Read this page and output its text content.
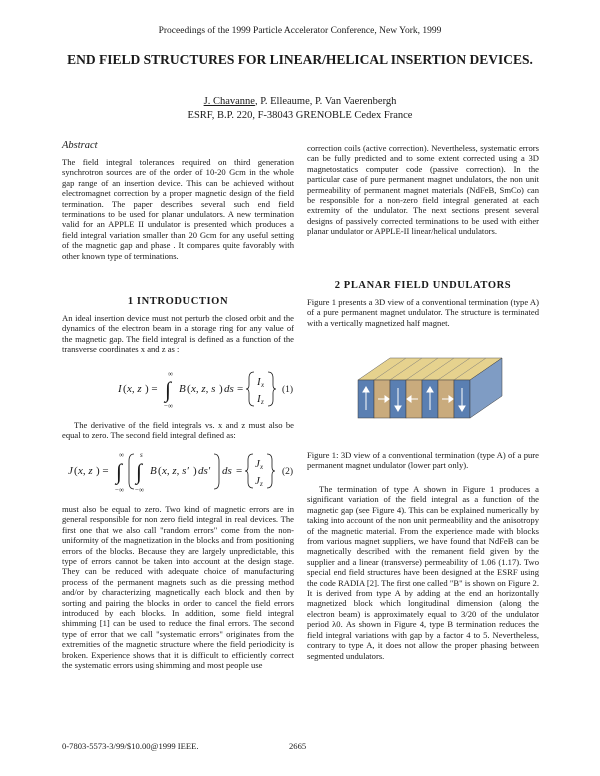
Proceedings of the 1999 Particle Accelerator Conference, New York, 1999
END FIELD STRUCTURES FOR LINEAR/HELICAL INSERTION DEVICES.
J. Chavanne, P. Elleaume, P. Van Vaerenbergh
ESRF, B.P. 220, F-38043 GRENOBLE Cedex France
Abstract

The field integral tolerances required on third generation synchrotron sources are of the order of 10-20 Gcm in the whole gap range of an insertion device. This can be achieved without electromagnet correction by a proper magnetic design of the field termination. The paper describes several such end field terminations to be used for planar undulators. A new termination valid for an APPLE II undulator is presented which produces a field integral variation smaller than 20 Gcm for any useful setting of the magnetic gap and phase . It compares quite favorably with other known type of terminations.

1 INTRODUCTION

An ideal insertion device must not perturb the closed orbit and the dynamics of the electron beam in a storage ring for any value of the magnetic gap. The field integral is defined as a function of the transverse coordinates x and z as :

I ( x, z ) = ∫
∞
−∞
B ( x, z, s ) ds =
I x
I z
(1)

The derivative of the field integrals vs. x and z must also be equal to zero. The second field integral defined as:

J ( x, z ) = ∫
∞
−∞
∫
s
−∞
B ( x, z, s′ ) ds′ ds =
J x
J z
(2)

must also be equal to zero. Two kind of magnetic errors are in general responsible for non zero field integral in real devices. The first one that we also call "random errors" come from the non-uniformity of the magnetization in the blocks and from positioning errors of the blocks. Because they are largely unpredictable, this type of errors cannot be taken into account at the design stage. They can be reduced with adequate choice of manufacturing process of the permanent magnets such as die pressing method and/or by characterizing magnetically each block and then by sorting and pairing the blocks in order to cancel the field errors introduced by each blocks. In addition, some field integral shimming [1] can be used to reduce the final errors. The second type of error that we call "systematic errors" originates from the extremities of the magnetic structure where the field periodicity is broken. Experience shows that it is difficult to efficiently correct the systematic errors using shimming and most people use

correction coils (active correction). Nevertheless, systematic errors can be fully predicted and to some extent corrected using a 3D magnetostatics computer code (passive correction). In the particular case of pure permanent magnet undulators, the non unit permeability of permanent magnet materials (NdFeB, SmCo) can be responsible for a non-zero field integral generated at each extremity of the undulator. The next sections present several designs of passively corrected terminations to be used with either planar undulator or APPLE-II linear/helical undulators.

2 PLANAR FIELD UNDULATORS

Figure 1 presents a 3D view of a conventional termination (type A) of a pure permanent magnet undulator. The structure is terminated with a vertically magnetized half magnet.

Figure 1: 3D view of a conventional termination (type A) of a pure permanent magnet undulator (lower part only).

The termination of type A shown in Figure 1 produces a significant variation of the field integral as a function of the magnetic gap (see Figure 4). This can be explained numerically by taking into account of the non unit permeability and the anisotropy of the magnetic material. From the experience made with blocks from various magnet suppliers, we have found that NdFeB can be magnetically described with the remanent field given by the supplier and a linear (transverse) permeability of 1.06 (1.17). Two special end field structures have been designed at the ESRF using the code RADIA [2]. The first one called "B" is shown on Figure 2. It is derived from type A by adding at the end an horizontally magnetized block which longitudinal dimension (along the electron beam) is approximately equal to 3/20 of the undulator period λ0. As shown in Figure 4, type B termination reduces the field integral variations with gap by a factor 4 to 5. Nevertheless, contrary to type A, it does not allow the proper phasing between segmented undulators.

0-7803-5573-3/99/$10.00@1999 IEEE.	2665
